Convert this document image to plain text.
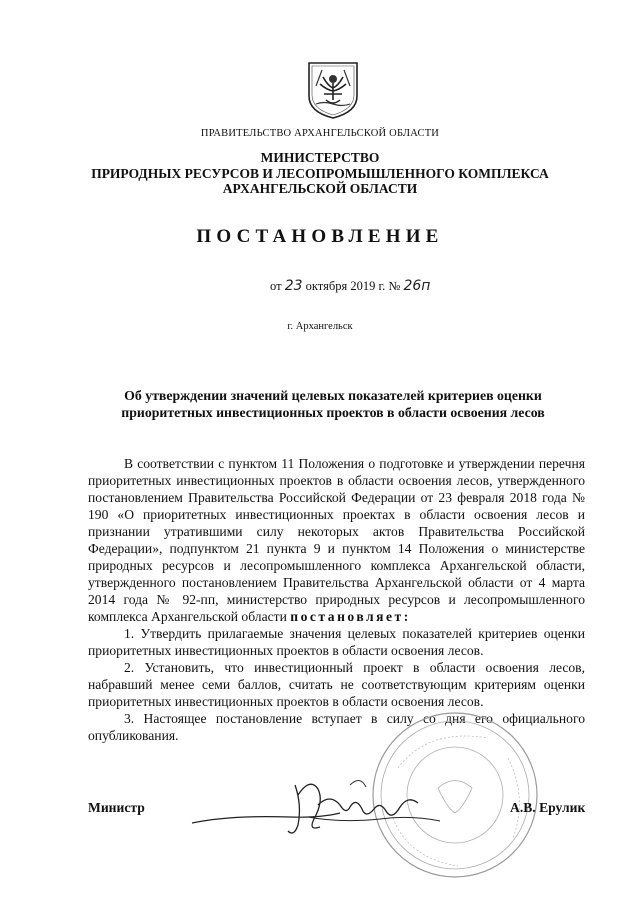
ПРАВИТЕЛЬСТВО АРХАНГЕЛЬСКОЙ ОБЛАСТИ
МИНИСТЕРСТВО
ПРИРОДНЫХ РЕСУРСОВ И ЛЕСОПРОМЫШЛЕННОГО КОМПЛЕКСА
АРХАНГЕЛЬСКОЙ ОБЛАСТИ
ПОСТАНОВЛЕНИЕ
от 23 октября 2019 г. № 26п
г. Архангельск
Об утверждении значений целевых показателей критериев оценки
приоритетных инвестиционных проектов в области освоения лесов

В соответствии с пунктом 11 Положения о подготовке и утверждении перечня приоритетных инвестиционных проектов в области освоения лесов, утвержденного постановлением Правительства Российской Федерации от 23 февраля 2018 года № 190 «О приоритетных инвестиционных проектах в области освоения лесов и признании утратившими силу некоторых актов Правительства Российской Федерации», подпунктом 21 пункта 9 и пунктом 14 Положения о министерстве природных ресурсов и лесопромышленного комплекса Архангельской области, утвержденного постановлением Правительства Архангельской области от 4 марта 2014 года № 92-пп, министерство природных ресурсов и лесопромышленного комплекса Архангельской области постановляет:

1. Утвердить прилагаемые значения целевых показателей критериев оценки приоритетных инвестиционных проектов в области освоения лесов.

2. Установить, что инвестиционный проект в области освоения лесов, набравший менее семи баллов, считать не соответствующим критериям оценки приоритетных инвестиционных проектов в области освоения лесов.

3. Настоящее постановление вступает в силу со дня его официального опубликования.

Министр	А.В. Ерулик
